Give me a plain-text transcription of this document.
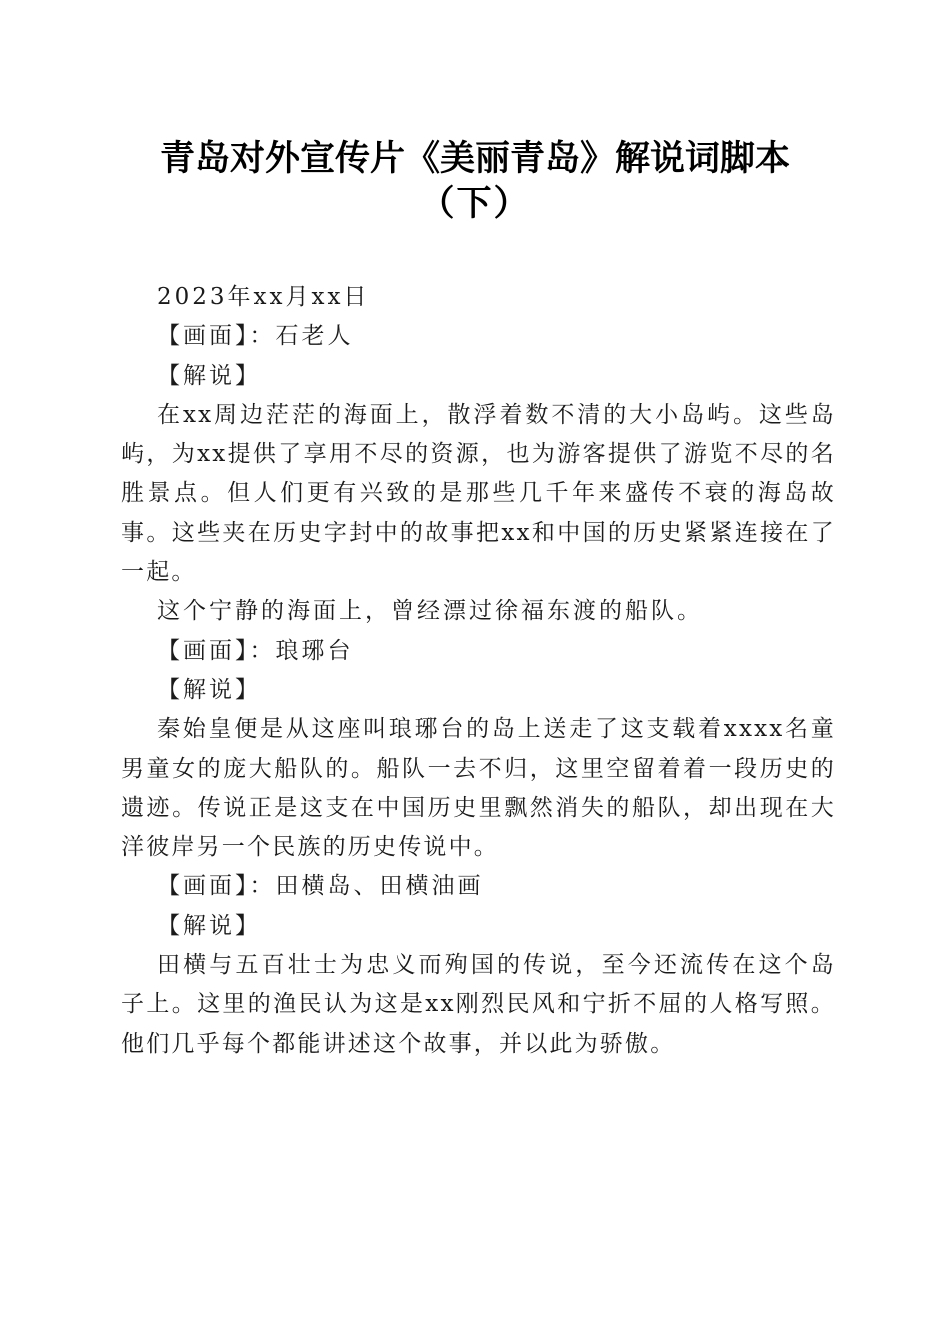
青岛对外宣传片《美丽青岛》解说词脚本
（下）

2023年xx月xx日

【画面】：石老人

【解说】

在xx周边茫茫的海面上，散浮着数不清的大小岛屿。这些岛屿，为xx提供了享用不尽的资源，也为游客提供了游览不尽的名胜景点。但人们更有兴致的是那些几千年来盛传不衰的海岛故事。这些夹在历史字封中的故事把xx和中国的历史紧紧连接在了一起。

这个宁静的海面上，曾经漂过徐福东渡的船队。

【画面】：琅琊台

【解说】

秦始皇便是从这座叫琅琊台的岛上送走了这支载着xxxx名童男童女的庞大船队的。船队一去不归，这里空留着着一段历史的遗迹。传说正是这支在中国历史里飘然消失的船队，却出现在大洋彼岸另一个民族的历史传说中。

【画面】：田横岛、田横油画

【解说】

田横与五百壮士为忠义而殉国的传说，至今还流传在这个岛子上。这里的渔民认为这是xx刚烈民风和宁折不屈的人格写照。他们几乎每个都能讲述这个故事，并以此为骄傲。
